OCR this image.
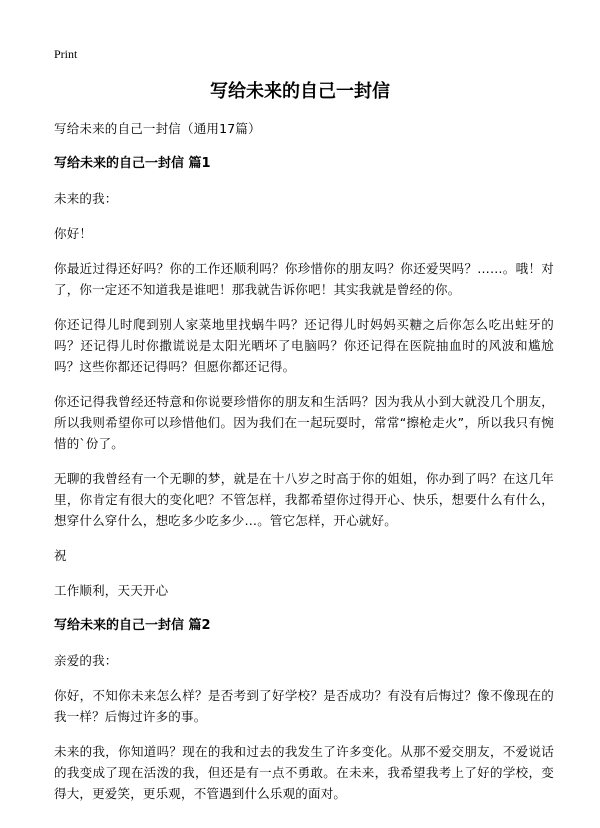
Print
写给未来的自己一封信

写给未来的自己一封信（通用17篇）

写给未来的自己一封信 篇1

未来的我：

你好！

你最近过得还好吗？你的工作还顺利吗？你珍惜你的朋友吗？你还爱哭吗？……。哦！对了，你一定还不知道我是谁吧！那我就告诉你吧！其实我就是曾经的你。

你还记得儿时爬到别人家菜地里找蜗牛吗？还记得儿时妈妈买糖之后你怎么吃出蛀牙的吗？还记得儿时你撒谎说是太阳光晒坏了电脑吗？你还记得在医院抽血时的风波和尴尬吗？这些你都还记得吗？但愿你都还记得。

你还记得我曾经还特意和你说要珍惜你的朋友和生活吗？因为我从小到大就没几个朋友，所以我则希望你可以珍惜他们。因为我们在一起玩耍时，常常“擦枪走火”，所以我只有惋惜的`份了。

无聊的我曾经有一个无聊的梦，就是在十八岁之时高于你的姐姐，你办到了吗？在这几年里，你肯定有很大的变化吧？不管怎样，我都希望你过得开心、快乐，想要什么有什么，想穿什么穿什么，想吃多少吃多少…。管它怎样，开心就好。

祝

工作顺利，天天开心

写给未来的自己一封信 篇2

亲爱的我：

你好，不知你未来怎么样？是否考到了好学校？是否成功？有没有后悔过？像不像现在的我一样？后悔过许多的事。

未来的我，你知道吗？现在的我和过去的我发生了许多变化。从那不爱交朋友，不爱说话的我变成了现在活泼的我，但还是有一点不勇敢。在未来，我希望我考上了好的学校，变得大，更爱笑，更乐观，不管遇到什么乐观的面对。
